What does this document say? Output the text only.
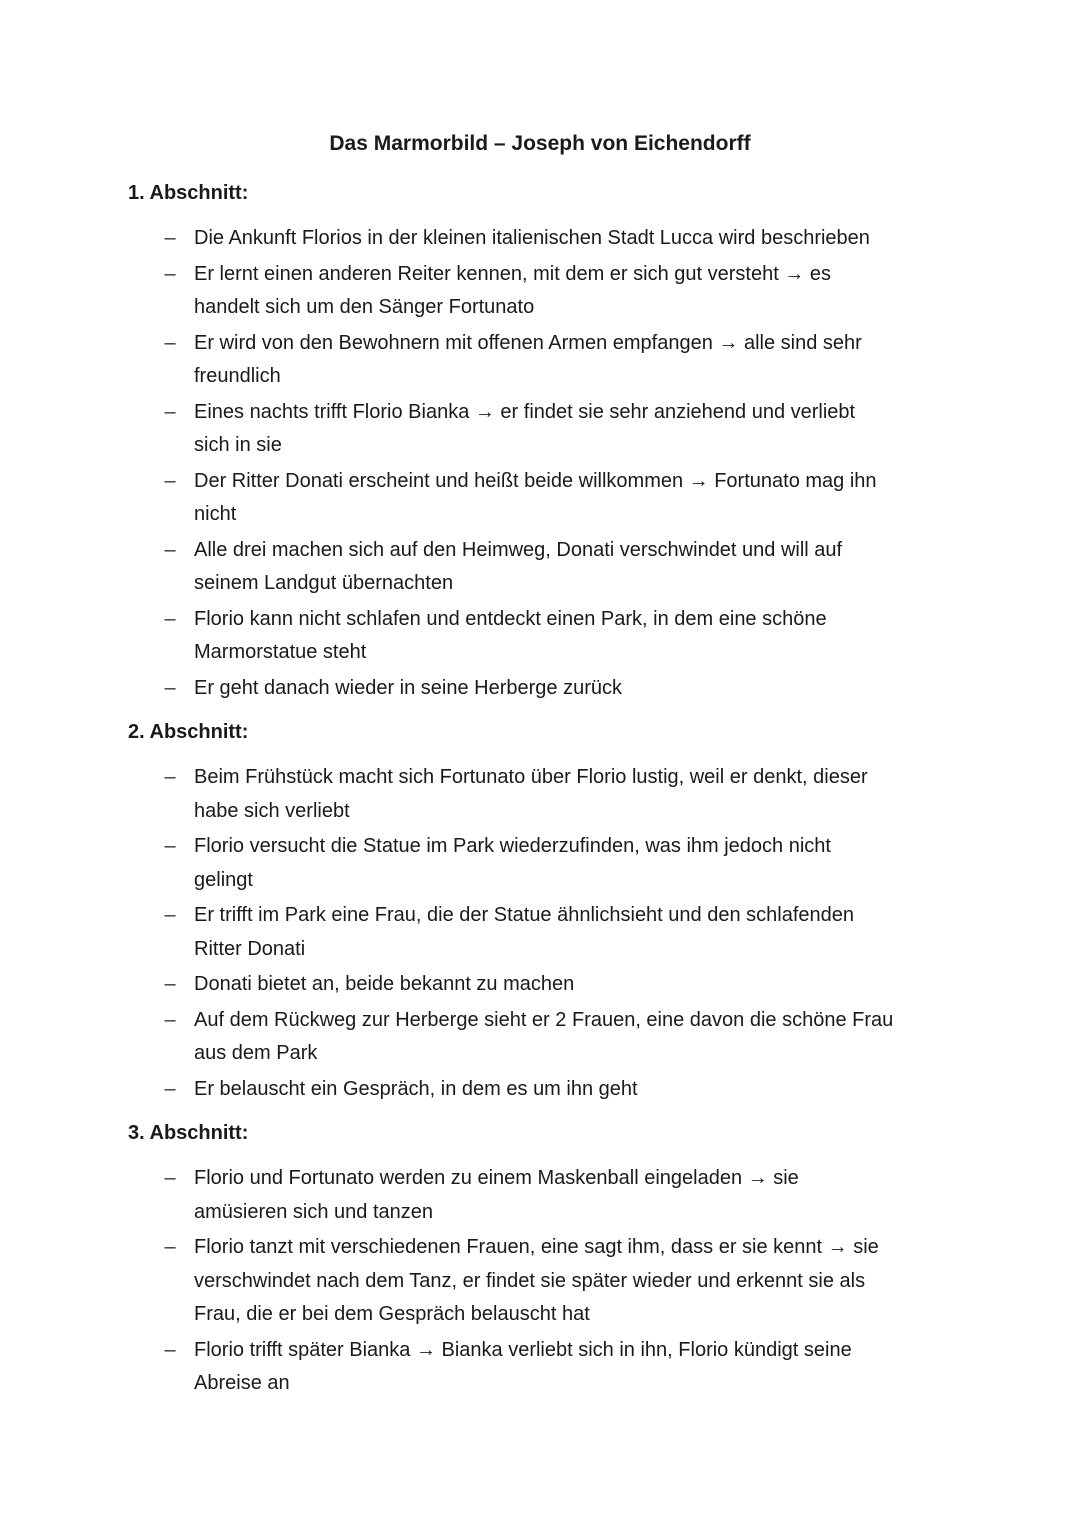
Das Marmorbild – Joseph von Eichendorff
1. Abschnitt:
– Die Ankunft Florios in der kleinen italienischen Stadt Lucca wird beschrieben
– Er lernt einen anderen Reiter kennen, mit dem er sich gut versteht → es
handelt sich um den Sänger Fortunato
– Er wird von den Bewohnern mit offenen Armen empfangen → alle sind sehr
freundlich
– Eines nachts trifft Florio Bianka → er findet sie sehr anziehend und verliebt
sich in sie
– Der Ritter Donati erscheint und heißt beide willkommen → Fortunato mag ihn
nicht
– Alle drei machen sich auf den Heimweg, Donati verschwindet und will auf
seinem Landgut übernachten
– Florio kann nicht schlafen und entdeckt einen Park, in dem eine schöne
Marmorstatue steht
– Er geht danach wieder in seine Herberge zurück
2. Abschnitt:
– Beim Frühstück macht sich Fortunato über Florio lustig, weil er denkt, dieser
habe sich verliebt
– Florio versucht die Statue im Park wiederzufinden, was ihm jedoch nicht
gelingt
– Er trifft im Park eine Frau, die der Statue ähnlichsieht und den schlafenden
Ritter Donati
– Donati bietet an, beide bekannt zu machen
– Auf dem Rückweg zur Herberge sieht er 2 Frauen, eine davon die schöne Frau
aus dem Park
– Er belauscht ein Gespräch, in dem es um ihn geht
3. Abschnitt:
– Florio und Fortunato werden zu einem Maskenball eingeladen → sie
amüsieren sich und tanzen
– Florio tanzt mit verschiedenen Frauen, eine sagt ihm, dass er sie kennt → sie
verschwindet nach dem Tanz, er findet sie später wieder und erkennt sie als
Frau, die er bei dem Gespräch belauscht hat
– Florio trifft später Bianka → Bianka verliebt sich in ihn, Florio kündigt seine
Abreise an
